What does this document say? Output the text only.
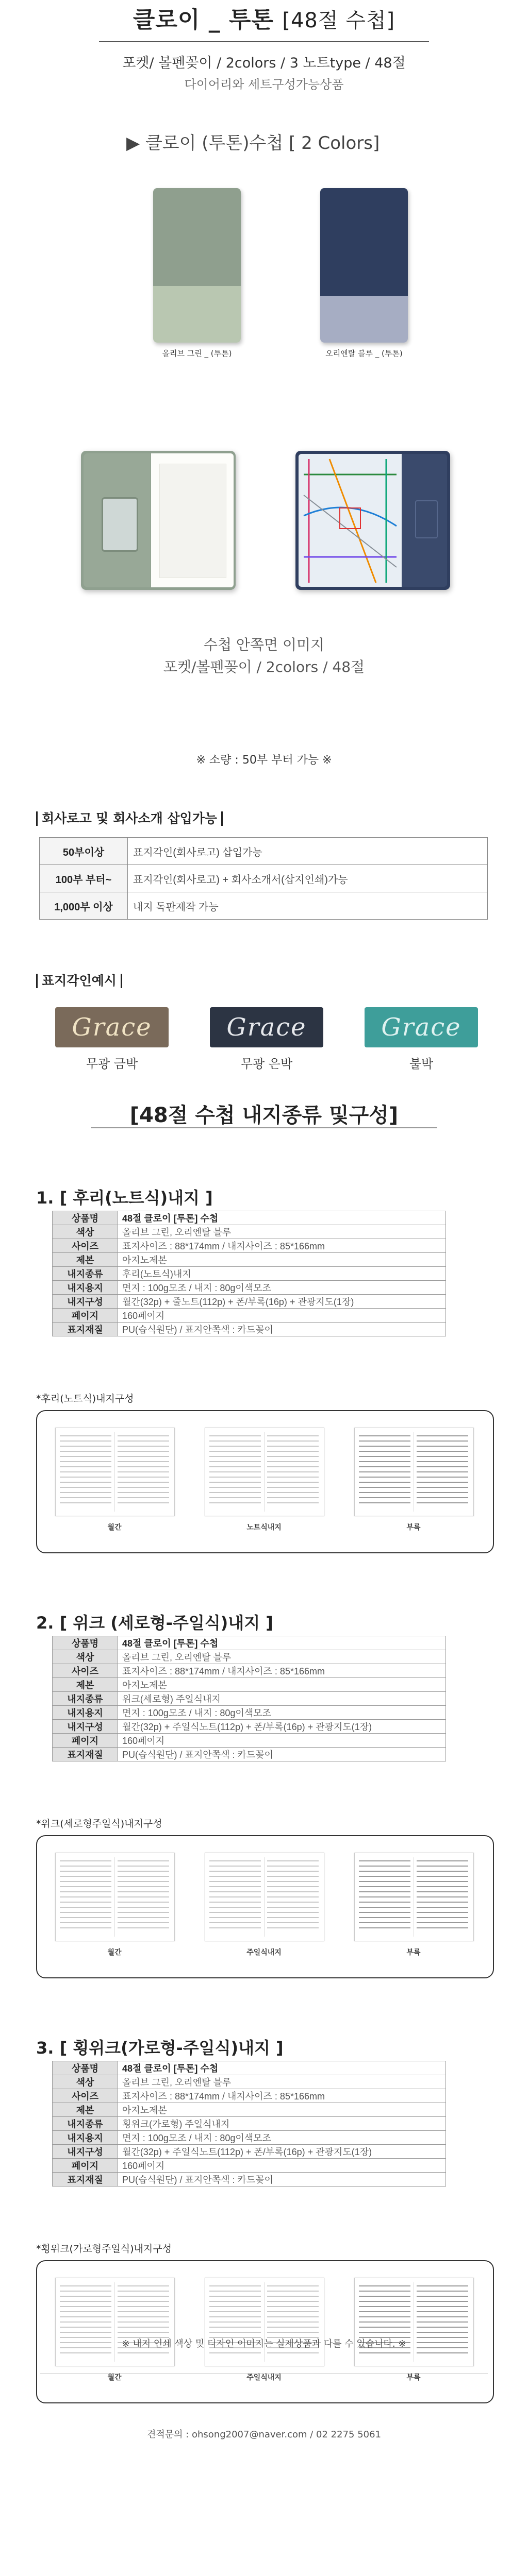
클로이 _ 투톤 [48절 수첩]
포켓/ 볼펜꽂이 / 2colors / 3 노트type / 48절
다이어리와 세트구성가능상품
▶ 클로이 (투톤)수첩 [ 2 Colors]
올리브 그린 _ (투톤)	오리엔탈 블루 _ (투톤)
수첩 안쪽면 이미지
포켓/볼펜꽂이 / 2colors / 48절
※ 소량 : 50부 부터 가능 ※
회사로고 및 회사소개 삽입가능
50부이상	표지각인(회사로고) 삽입가능
100부 부터~	표지각인(회사로고) + 회사소개서(삽지인쇄)가능
1,000부 이상	내지 독판제작 가능
표지각인예시
Grace
무광 금박
Grace
무광 은박
Grace
불박
[48절 수첩 내지종류 및구성]
1. [ 후리(노트식)내지 ]
상품명	48절 클로이 [투톤] 수첩
색상	올리브 그린, 오리엔탈 블루
사이즈	표지사이즈 : 88*174mm / 내지사이즈 : 85*166mm
제본	아지노제본
내지종류	후리(노트식)내지
내지용지	면지 : 100g모조 / 내지 : 80g이색모조
내지구성	월간(32p) + 줄노트(112p) + 폰/부록(16p) + 관광지도(1장)
페이지	160페이지
표지재질	PU(습식원단) / 표지안쪽색 : 카드꽂이
*후리(노트식)내지구성
월간	노트식내지	부록
2. [ 위크 (세로형-주일식)내지 ]
상품명	48절 클로이 [투톤] 수첩
색상	올리브 그린, 오리엔탈 블루
사이즈	표지사이즈 : 88*174mm / 내지사이즈 : 85*166mm
제본	아지노제본
내지종류	위크(세로형) 주일식내지
내지용지	면지 : 100g모조 / 내지 : 80g이색모조
내지구성	월간(32p) + 주일식노트(112p) + 폰/부록(16p) + 관광지도(1장)
페이지	160페이지
표지재질	PU(습식원단) / 표지안쪽색 : 카드꽂이
*위크(세로형주일식)내지구성
월간	주일식내지	부록
3. [ 횡위크(가로형-주일식)내지 ]
상품명	48절 클로이 [투톤] 수첩
색상	올리브 그린, 오리엔탈 블루
사이즈	표지사이즈 : 88*174mm / 내지사이즈 : 85*166mm
제본	아지노제본
내지종류	횡위크(가로형) 주일식내지
내지용지	면지 : 100g모조 / 내지 : 80g이색모조
내지구성	월간(32p) + 주일식노트(112p) + 폰/부록(16p) + 관광지도(1장)
페이지	160페이지
표지재질	PU(습식원단) / 표지안쪽색 : 카드꽂이
*횡위크(가로형주일식)내지구성
월간	주일식내지	부록
※ 내지 인쇄 색상 및 디자인 이미지는 실제상품과 다를 수 있습니다. ※
견적문의 : ohsong2007@naver.com / 02 2275 5061
